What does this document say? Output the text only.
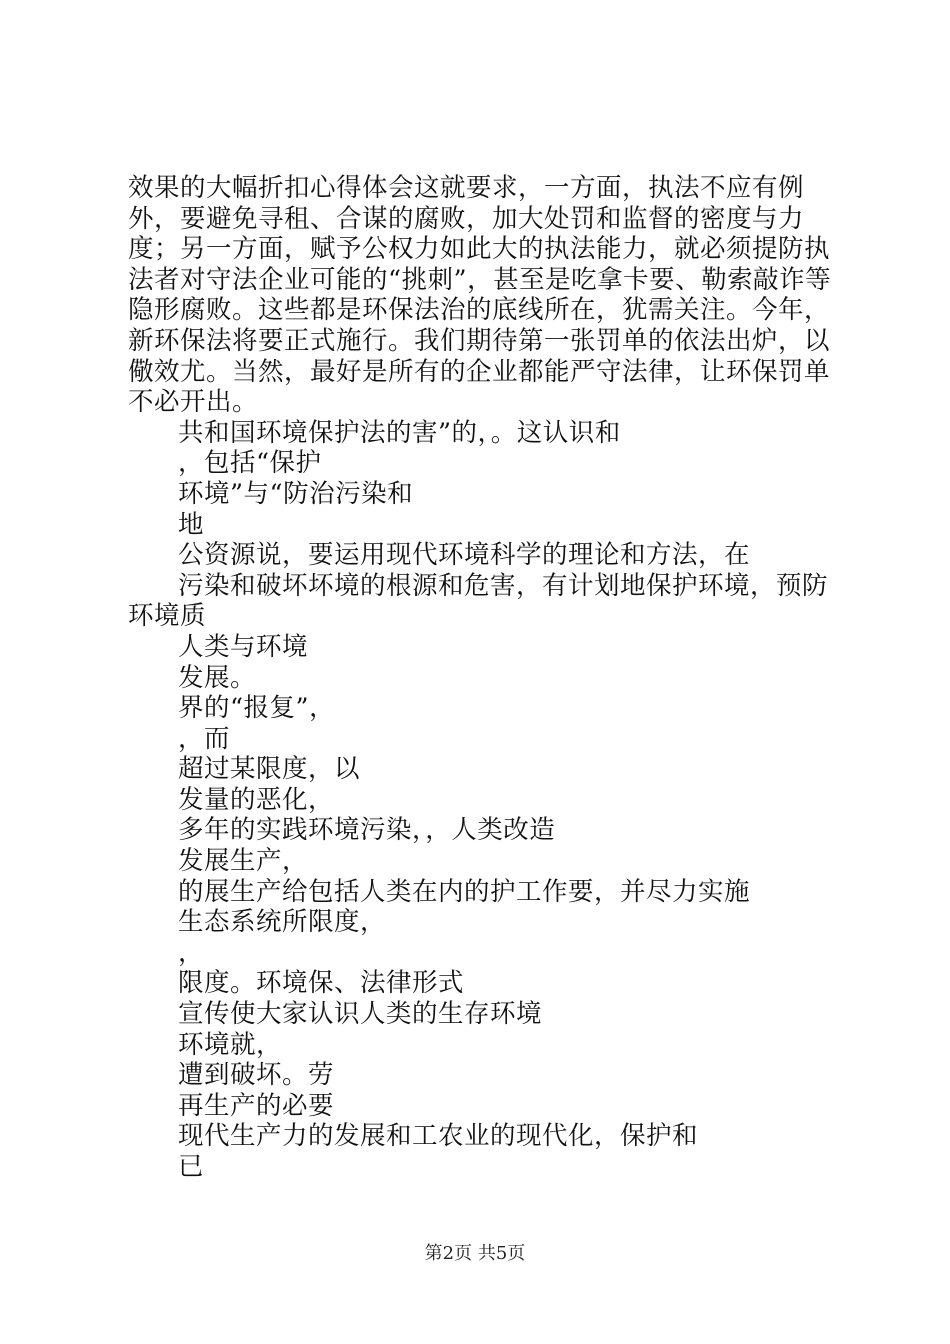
效果的大幅折扣心得体会这就要求，一方面，执法不应有例外，要避免寻租、合谋的腐败，加大处罚和监督的密度与力度；另一方面，赋予公权力如此大的执法能力，就必须提防执法者对守法企业可能的“挑刺”，甚至是吃拿卡要、勒索敲诈等隐形腐败。这些都是环保法治的底线所在，犹需关注。今年，新环保法将要正式施行。我们期待第一张罚单的依法出炉，以儆效尤。当然，最好是所有的企业都能严守法律，让环保罚单不必开出。

共和国环境保护法的害”的，。这认识和

，包括“保护

环境”与“防治污染和

地

公资源说，要运用现代环境科学的理论和方法，在

污染和破坏坏境的根源和危害，有计划地保护环境，预防环境质

人类与环境

发展。

界的“报复”，

，而

超过某限度，以

发量的恶化，

多年的实践环境污染，，人类改造

发展生产，

的展生产给包括人类在内的护工作要，并尽力实施

生态系统所限度，

，

限度。环境保、法律形式

宣传使大家认识人类的生存环境

环境就，

遭到破坏。劳

再生产的必要

现代生产力的发展和工农业的现代化，保护和

已

第2页 共5页
